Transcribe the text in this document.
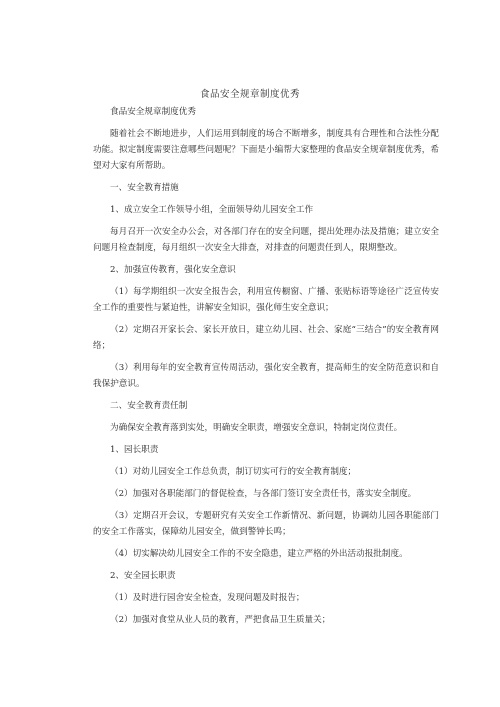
食品安全规章制度优秀

食品安全规章制度优秀

随着社会不断地进步，人们运用到制度的场合不断增多，制度具有合理性和合法性分配功能。拟定制度需要注意哪些问题呢？下面是小编帮大家整理的食品安全规章制度优秀，希望对大家有所帮助。

一、安全教育措施

1、成立安全工作领导小组，全面领导幼儿园安全工作

每月召开一次安全办公会，对各部门存在的安全问题，提出处理办法及措施；建立安全问题月检查制度，每月组织一次安全大排查，对排查的问题责任到人，限期整改。

2、加强宣传教育，强化安全意识

（1）每学期组织一次安全报告会，利用宣传橱窗、广播、张贴标语等途径广泛宣传安全工作的重要性与紧迫性，讲解安全知识，强化师生安全意识；

（2）定期召开家长会、家长开放日，建立幼儿园、社会、家庭“三结合”的安全教育网络；

（3）利用每年的安全教育宣传周活动，强化安全教育，提高师生的安全防范意识和自我保护意识。

二、安全教育责任制

为确保安全教育落到实处，明确安全职责，增强安全意识，特制定岗位责任。

1、园长职责

（1）对幼儿园安全工作总负责，制订切实可行的安全教育制度；

（2）加强对各职能部门的督促检查，与各部门签订安全责任书，落实安全制度。

（3）定期召开会议，专题研究有关安全工作新情况、新问题，协调幼儿园各职能部门的安全工作落实，保障幼儿园安全，做到警钟长鸣；

（4）切实解决幼儿园安全工作的不安全隐患，建立严格的外出活动报批制度。

2、安全园长职责

（1）及时进行园舍安全检查，发现问题及时报告；

（2）加强对食堂从业人员的教育，严把食品卫生质量关；
